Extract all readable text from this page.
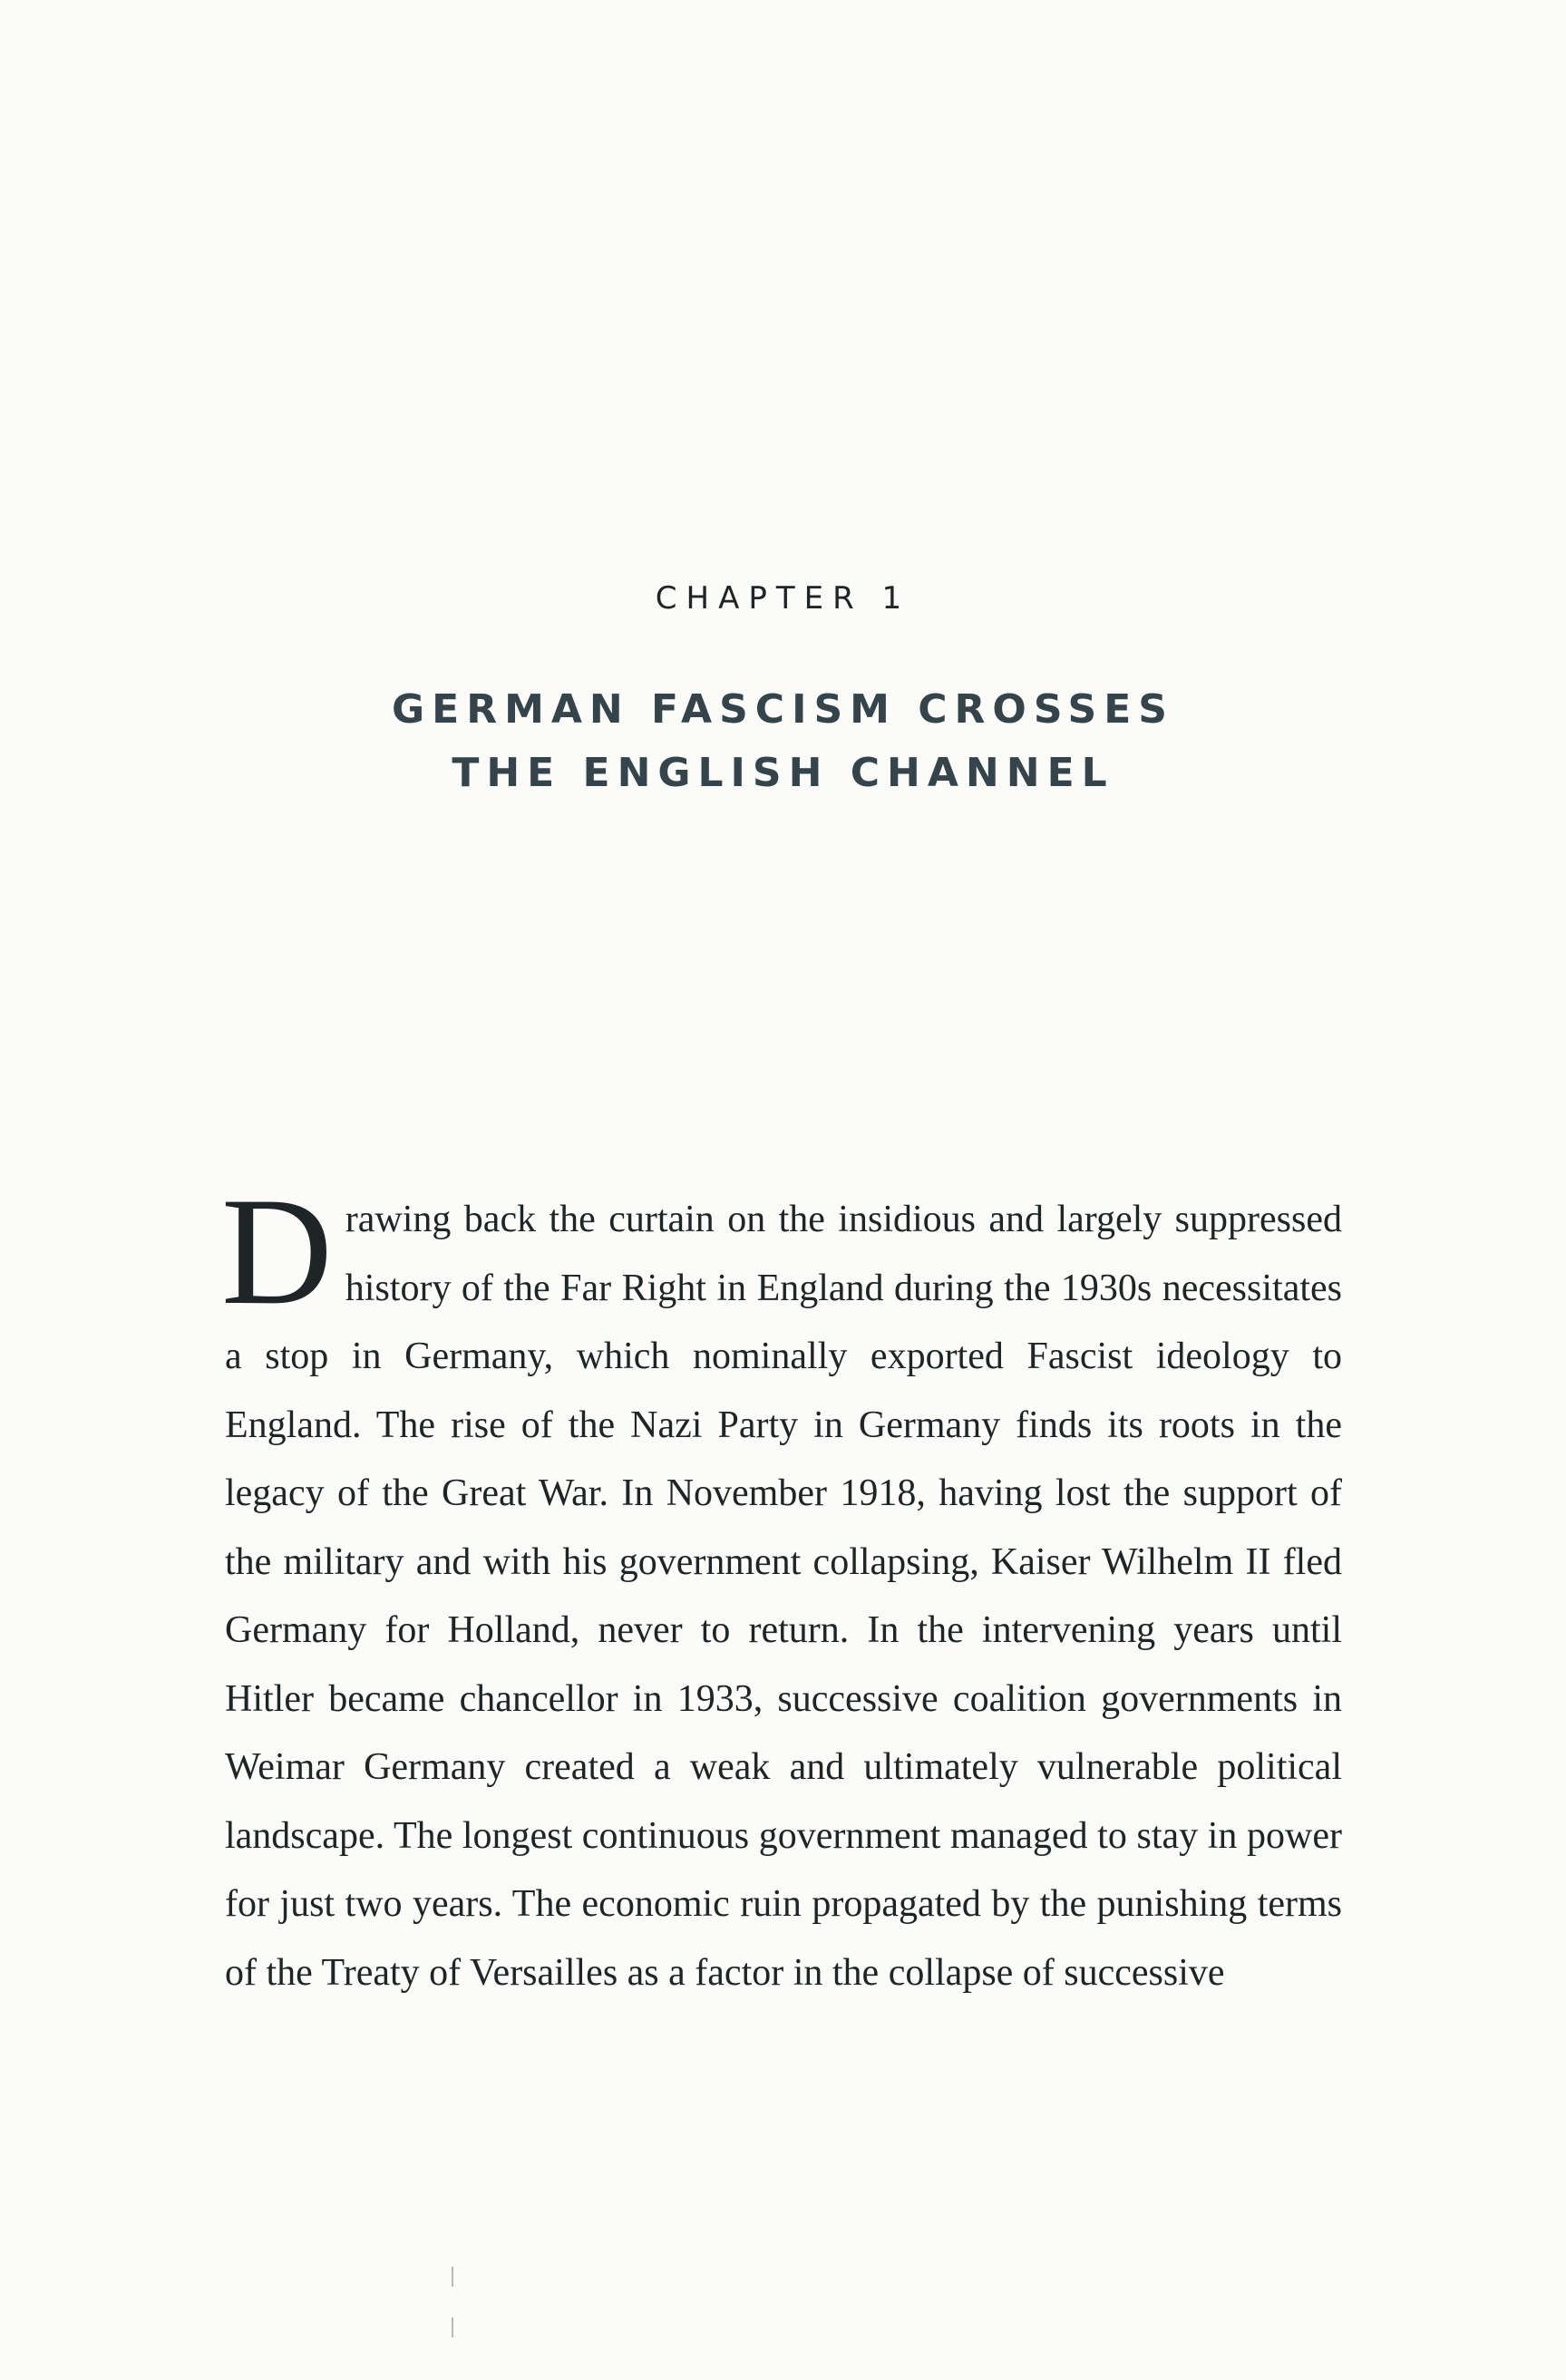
CHAPTER 1
GERMAN FASCISM CROSSES
THE ENGLISH CHANNEL
D rawing back the curtain on the insidious and largely suppressed history of the Far Right in England during the 1930s necessitates a stop in Germany, which nominally exported Fascist ideology to England. The rise of the Nazi Party in Germany finds its roots in the legacy of the Great War. In November 1918, having lost the support of the military and with his government collapsing, Kaiser Wilhelm II fled Germany for Holland, never to return. In the intervening years until Hitler became chancellor in 1933, successive coalition governments in Weimar Germany created a weak and ultimately vulnerable political landscape. The longest continuous government managed to stay in power for just two years. The economic ruin propagated by the punishing terms of the Treaty of Versailles as a factor in the collapse of successive
